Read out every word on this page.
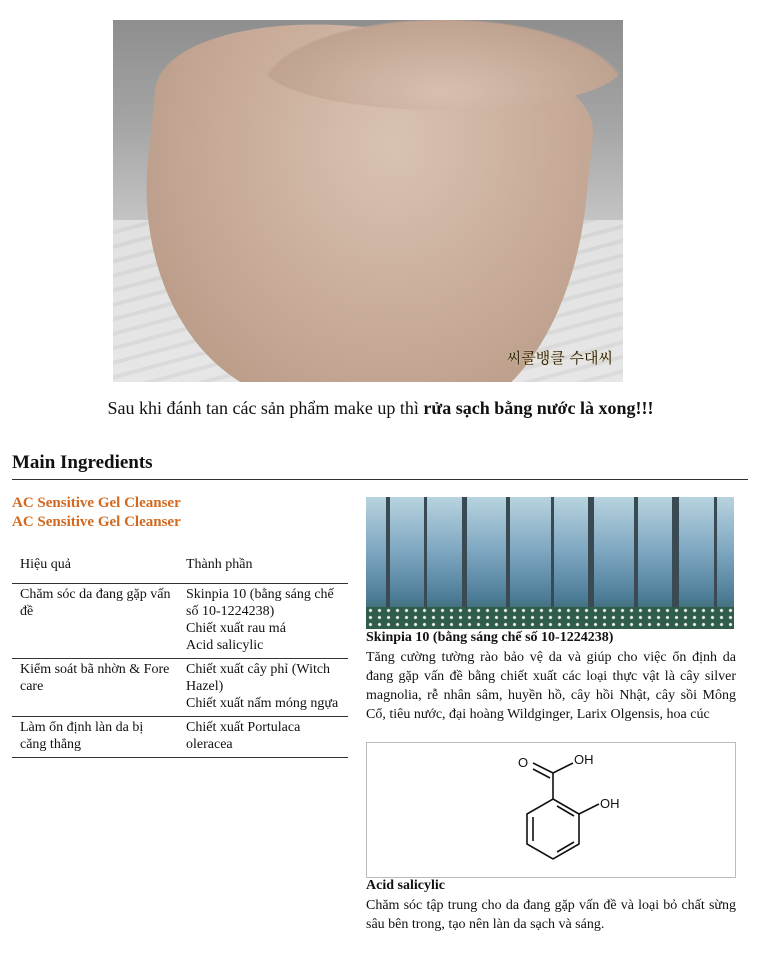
씨콜뱅클 수대씨
Sau khi đánh tan các sản phẩm make up thì rửa sạch bằng nước là xong!!!
Main Ingredients
AC Sensitive Gel Cleanser
AC Sensitive Gel Cleanser
Hiệu quả	Thành phần
Chăm sóc da đang gặp vấn đề	Skinpia 10 (bằng sáng chế số 10-1224238)
Chiết xuất rau má
Acid salicylic

Kiểm soát bã nhờn & Fore care	Chiết xuất cây phỉ (Witch Hazel)
Chiết xuất nấm móng ngựa

Làm ổn định làn da bị căng thẳng	Chiết xuất Portulaca oleracea
Skinpia 10 (bằng sáng chế số 10-1224238)
Tăng cường tường rào bảo vệ da và giúp cho việc ổn định da đang gặp vấn đề bằng chiết xuất các loại thực vật là cây silver magnolia, rễ nhân sâm, huyền hồ, cây hồi Nhật, cây sồi Mông Cổ, tiêu nước, đại hoàng Wildginger, Larix Olgensis, hoa cúc
O	OH
OH
Acid salicylic
Chăm sóc tập trung cho da đang gặp vấn đề và loại bỏ chất sừng sâu bên trong, tạo nên làn da sạch và sáng.
